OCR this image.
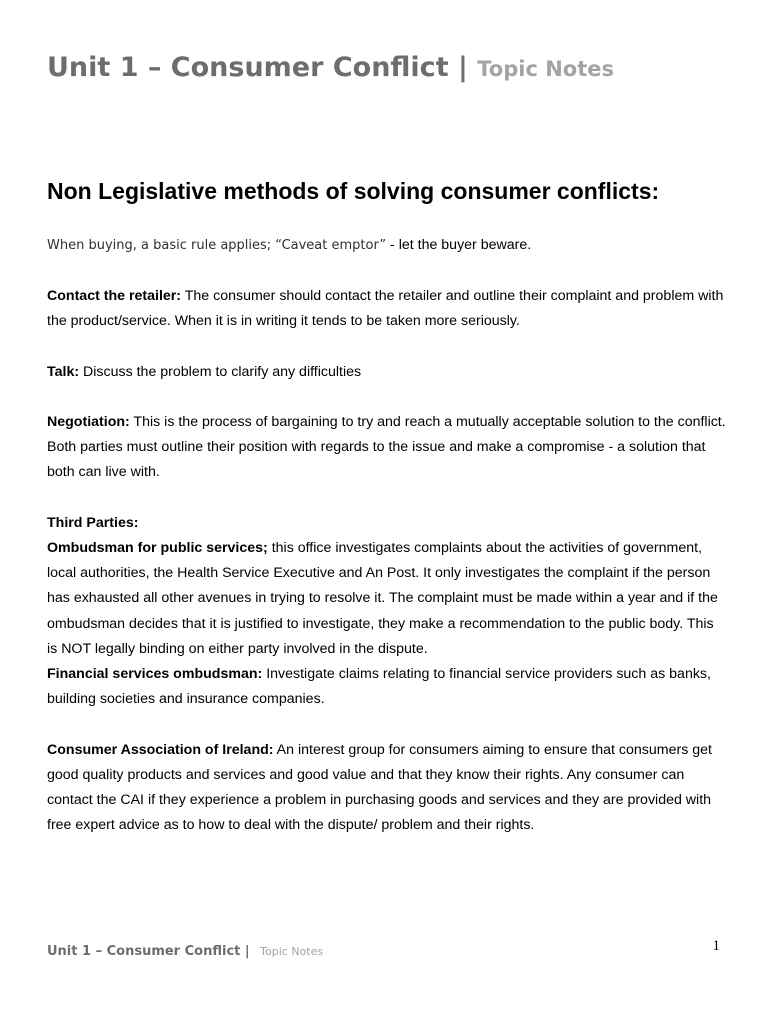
Unit 1 – Consumer Conflict | Topic Notes
Non Legislative methods of solving consumer conflicts:

When buying, a basic rule applies; “Caveat emptor” - let the buyer beware.

Contact the retailer: The consumer should contact the retailer and outline their complaint and problem with the product/service. When it is in writing it tends to be taken more seriously.

Talk: Discuss the problem to clarify any difficulties

Negotiation: This is the process of bargaining to try and reach a mutually acceptable solution to the conflict. Both parties must outline their position with regards to the issue and make a compromise - a solution that both can live with.

Third Parties:

Ombudsman for public services; this office investigates complaints about the activities of government, local authorities, the Health Service Executive and An Post. It only investigates the complaint if the person has exhausted all other avenues in trying to resolve it. The complaint must be made within a year and if the ombudsman decides that it is justified to investigate, they make a recommendation to the public body. This is NOT legally binding on either party involved in the dispute.

Financial services ombudsman: Investigate claims relating to financial service providers such as banks, building societies and insurance companies.

Consumer Association of Ireland: An interest group for consumers aiming to ensure that consumers get good quality products and services and good value and that they know their rights. Any consumer can contact the CAI if they experience a problem in purchasing goods and services and they are provided with free expert advice as to how to deal with the dispute/ problem and their rights.

Unit 1 – Consumer Conflict | Topic Notes	1
